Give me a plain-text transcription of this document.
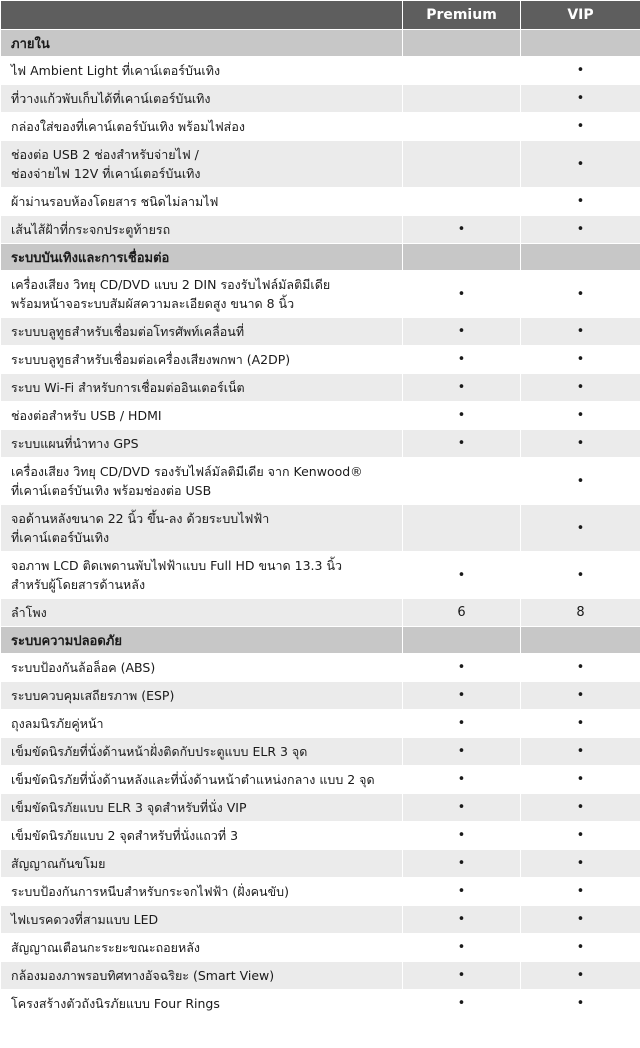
	Premium	VIP
ภายใน		

ไฟ Ambient Light ที่เคาน์เตอร์บันเทิง		•

ที่วางแก้วพับเก็บได้ที่เคาน์เตอร์บันเทิง		•

กล่องใส่ของที่เคาน์เตอร์บันเทิง พร้อมไฟส่อง		•

ช่องต่อ USB 2 ช่องสำหรับจ่ายไฟ /
ช่องจ่ายไฟ 12V ที่เคาน์เตอร์บันเทิง		•

ผ้าม่านรอบห้องโดยสาร ชนิดไม่ลามไฟ		•

เส้นไส้ฝ้าที่กระจกประตูท้ายรถ	•	•
ระบบบันเทิงและการเชื่อมต่อ		

เครื่องเสียง วิทยุ CD/DVD แบบ 2 DIN รองรับไฟล์มัลติมีเดีย
พร้อมหน้าจอระบบสัมผัสความละเอียดสูง ขนาด 8 นิ้ว	•	•

ระบบบลูทูธสำหรับเชื่อมต่อโทรศัพท์เคลื่อนที่	•	•

ระบบบลูทูธสำหรับเชื่อมต่อเครื่องเสียงพกพา (A2DP)	•	•

ระบบ Wi-Fi สำหรับการเชื่อมต่ออินเตอร์เน็ต	•	•

ช่องต่อสำหรับ USB / HDMI	•	•

ระบบแผนที่นำทาง GPS	•	•

เครื่องเสียง วิทยุ CD/DVD รองรับไฟล์มัลติมีเดีย จาก Kenwood®
ที่เคาน์เตอร์บันเทิง พร้อมช่องต่อ USB		•

จอด้านหลังขนาด 22 นิ้ว ขึ้น-ลง ด้วยระบบไฟฟ้า
ที่เคาน์เตอร์บันเทิง		•

จอภาพ LCD ติดเพดานพับไฟฟ้าแบบ Full HD ขนาด 13.3 นิ้ว
สำหรับผู้โดยสารด้านหลัง	•	•

ลำโพง	6	8
ระบบความปลอดภัย		

ระบบป้องกันล้อล็อค (ABS)	•	•

ระบบควบคุมเสถียรภาพ (ESP)	•	•

ถุงลมนิรภัยคู่หน้า	•	•

เข็มขัดนิรภัยที่นั่งด้านหน้าฝั่งติดกับประตูแบบ ELR 3 จุด	•	•

เข็มขัดนิรภัยที่นั่งด้านหลังและที่นั่งด้านหน้าตำแหน่งกลาง แบบ 2 จุด	•	•

เข็มขัดนิรภัยแบบ ELR 3 จุดสำหรับที่นั่ง VIP	•	•

เข็มขัดนิรภัยแบบ 2 จุดสำหรับที่นั่งแถวที่ 3	•	•

สัญญาณกันขโมย	•	•

ระบบป้องกันการหนีบสำหรับกระจกไฟฟ้า (ฝั่งคนขับ)	•	•

ไฟเบรคดวงที่สามแบบ LED	•	•

สัญญาณเตือนกะระยะขณะถอยหลัง	•	•

กล้องมองภาพรอบทิศทางอัจฉริยะ (Smart View)	•	•

โครงสร้างตัวถังนิรภัยแบบ Four Rings	•	•
